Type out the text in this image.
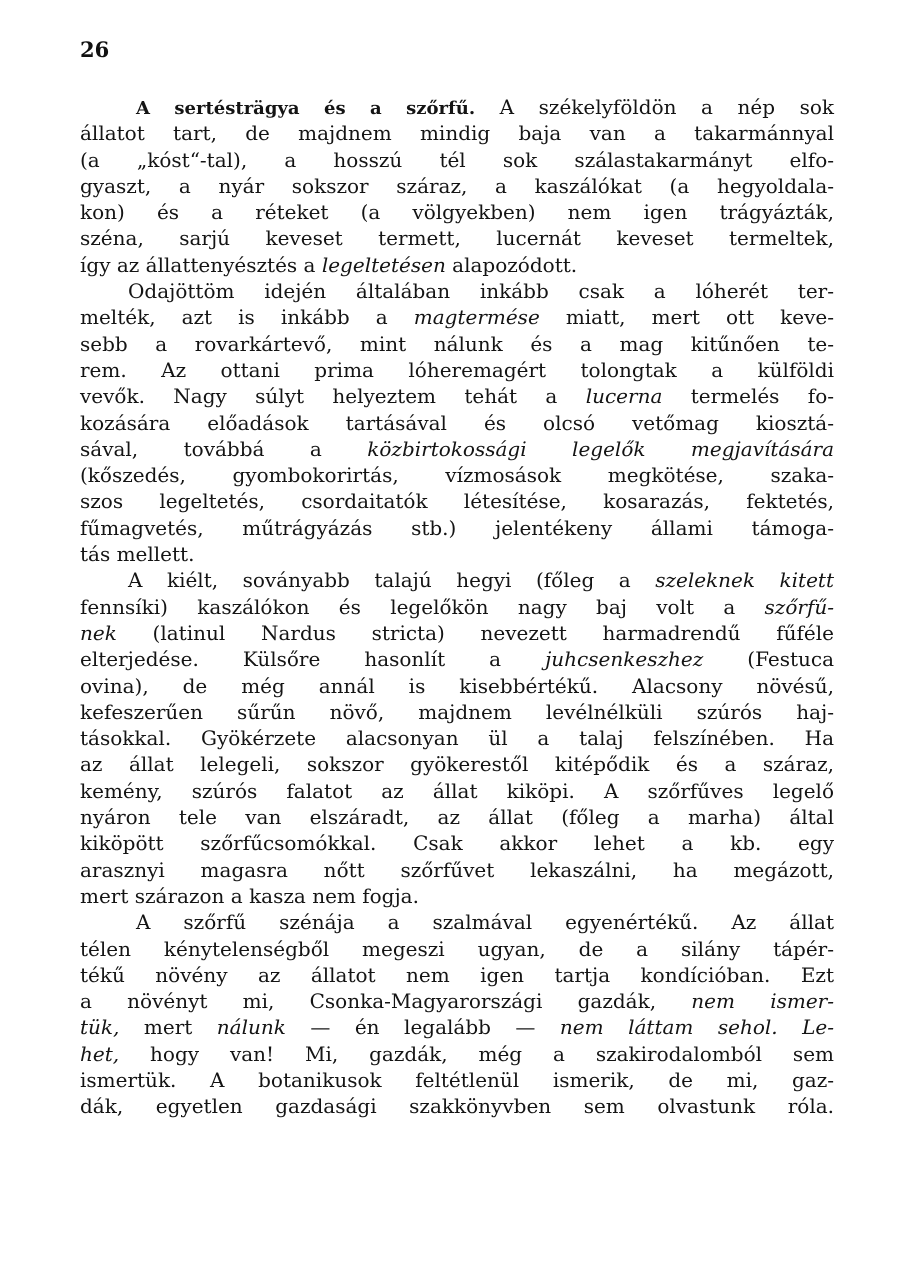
26
A sertésträgya és a szőrfű. A székelyföldön a nép sok
állatot tart, de majdnem mindig baja van a takarmánnyal
(a „kóst“-tal), a hosszú tél sok szálastakarmányt elfo-
gyaszt, a nyár sokszor száraz, a kaszálókat (a hegyoldala-
kon) és a réteket (a völgyekben) nem igen trágyázták,
széna, sarjú keveset termett, lucernát keveset termeltek,
így az állattenyésztés a legeltetésen alapozódott.
Odajöttöm idején általában inkább csak a lóherét ter-
melték, azt is inkább a magtermése miatt, mert ott keve-
sebb a rovarkártevő, mint nálunk és a mag kitűnően te-
rem. Az ottani prima lóheremagért tolongtak a külföldi
vevők. Nagy súlyt helyeztem tehát a lucerna termelés fo-
kozására előadások tartásával és olcsó vetőmag kiosztá-
sával, továbbá a közbirtokossági legelők megjavítására
(kőszedés, gyombokorirtás, vízmosások megkötése, szaka-
szos legeltetés, csordaitatók létesítése, kosarazás, fektetés,
fűmagvetés, műtrágyázás stb.) jelentékeny állami támoga-
tás mellett.
A kiélt, soványabb talajú hegyi (főleg a szeleknek kitett
fennsíki) kaszálókon és legelőkön nagy baj volt a szőrfű-
nek (latinul Nardus stricta) nevezett harmadrendű fűféle
elterjedése. Külsőre hasonlít a juhcsenkeszhez (Festuca
ovina), de még annál is kisebbértékű. Alacsony növésű,
kefeszerűen sűrűn növő, majdnem levélnélküli szúrós haj-
tásokkal. Gyökérzete alacsonyan ül a talaj felszínében. Ha
az állat lelegeli, sokszor gyökerestől kitépődik és a száraz,
kemény, szúrós falatot az állat kiköpi. A szőrfűves legelő
nyáron tele van elszáradt, az állat (főleg a marha) által
kiköpött szőrfűcsomókkal. Csak akkor lehet a kb. egy
arasznyi magasra nőtt szőrfűvet lekaszálni, ha megázott,
mert szárazon a kasza nem fogja.
A szőrfű szénája a szalmával egyenértékű. Az állat
télen kénytelenségből megeszi ugyan, de a silány tápér-
tékű növény az állatot nem igen tartja kondícióban. Ezt
a növényt mi, Csonka-Magyarországi gazdák, nem ismer-
tük, mert nálunk — én legalább — nem láttam sehol. Le-
het, hogy van! Mi, gazdák, még a szakirodalomból sem
ismertük. A botanikusok feltétlenül ismerik, de mi, gaz-
dák, egyetlen gazdasági szakkönyvben sem olvastunk róla.
